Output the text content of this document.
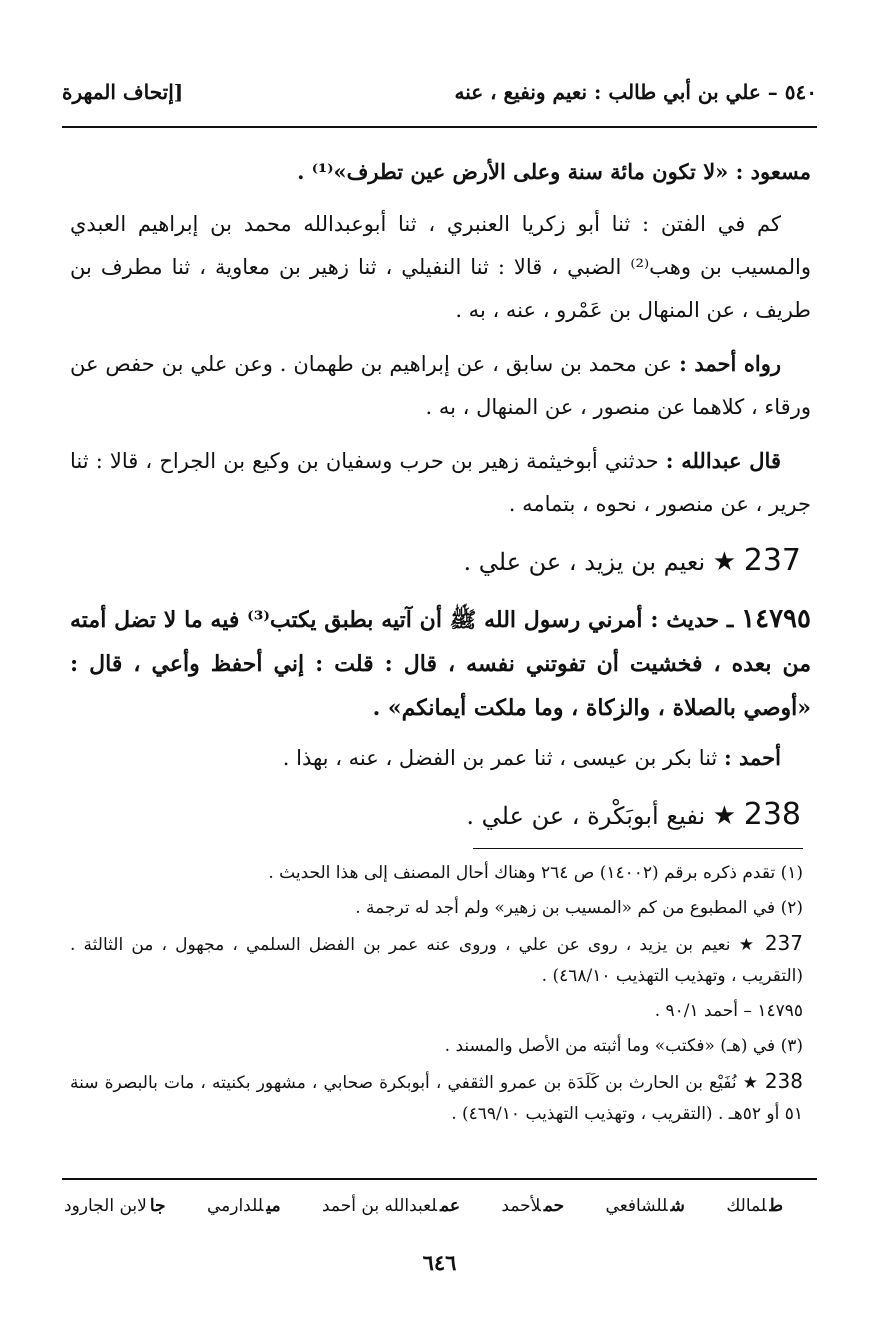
٥٤٠ – علي بن أبي طالب : نعيم ونفيع ، عنه
[إتحاف المهرة

مسعود : «لا تكون مائة سنة وعلى الأرض عين تطرف»⁽¹⁾ .

كم في الفتن : ثنا أبو زكريا العنبري ، ثنا أبوعبدالله محمد بن إبراهيم العبدي والمسيب بن وهب⁽²⁾ الضبي ، قالا : ثنا النفيلي ، ثنا زهير بن معاوية ، ثنا مطرف بن طريف ، عن المنهال بن عَمْرو ، عنه ، به .

رواه أحمد : عن محمد بن سابق ، عن إبراهيم بن طهمان . وعن علي بن حفص عن ورقاء ، كلاهما عن منصور ، عن المنهال ، به .

قال عبدالله : حدثني أبوخيثمة زهير بن حرب وسفيان بن وكيع بن الجراح ، قالا : ثنا جرير ، عن منصور ، نحوه ، بتمامه .

237 ★ نعيم بن يزيد ، عن علي .

١٤٧٩٥ ـ حديث : أمرني رسول الله ﷺ أن آتيه بطبق يكتب⁽³⁾ فيه ما لا تضل أمته من بعده ، فخشيت أن تفوتني نفسه ، قال : قلت : إني أحفظ وأعي ، قال : «أوصي بالصلاة ، والزكاة ، وما ملكت أيمانكم» .

أحمد : ثنا بكر بن عيسى ، ثنا عمر بن الفضل ، عنه ، بهذا .

238 ★ نفيع أبوبَكْرة ، عن علي .

(١) تقدم ذكره برقم (١٤٠٠٢) ص ٢٦٤ وهناك أحال المصنف إلى هذا الحديث .

(٢) في المطبوع من كم «المسيب بن زهير» ولم أجد له ترجمة .

237 ★ نعيم بن يزيد ، روى عن علي ، وروى عنه عمر بن الفضل السلمي ، مجهول ، من الثالثة . (التقريب ، وتهذيب التهذيب ٤٦٨/١٠) .

١٤٧٩٥ – أحمد ٩٠/١ .

(٣) في (هـ) «فكتب» وما أثبته من الأصل والمسند .

238 ★ نُفَيْع بن الحارث بن كَلَدَة بن عمرو الثقفي ، أبوبكرة صحابي ، مشهور بكنيته ، مات بالبصرة سنة ٥١ أو ٥٢هـ . (التقريب ، وتهذيب التهذيب ٤٦٩/١٠) .

طلمالك
شللشافعي
حملأحمد
عملعبدالله بن أحمد
ميللدارمي
جالابن الجارود
٦٤٦
